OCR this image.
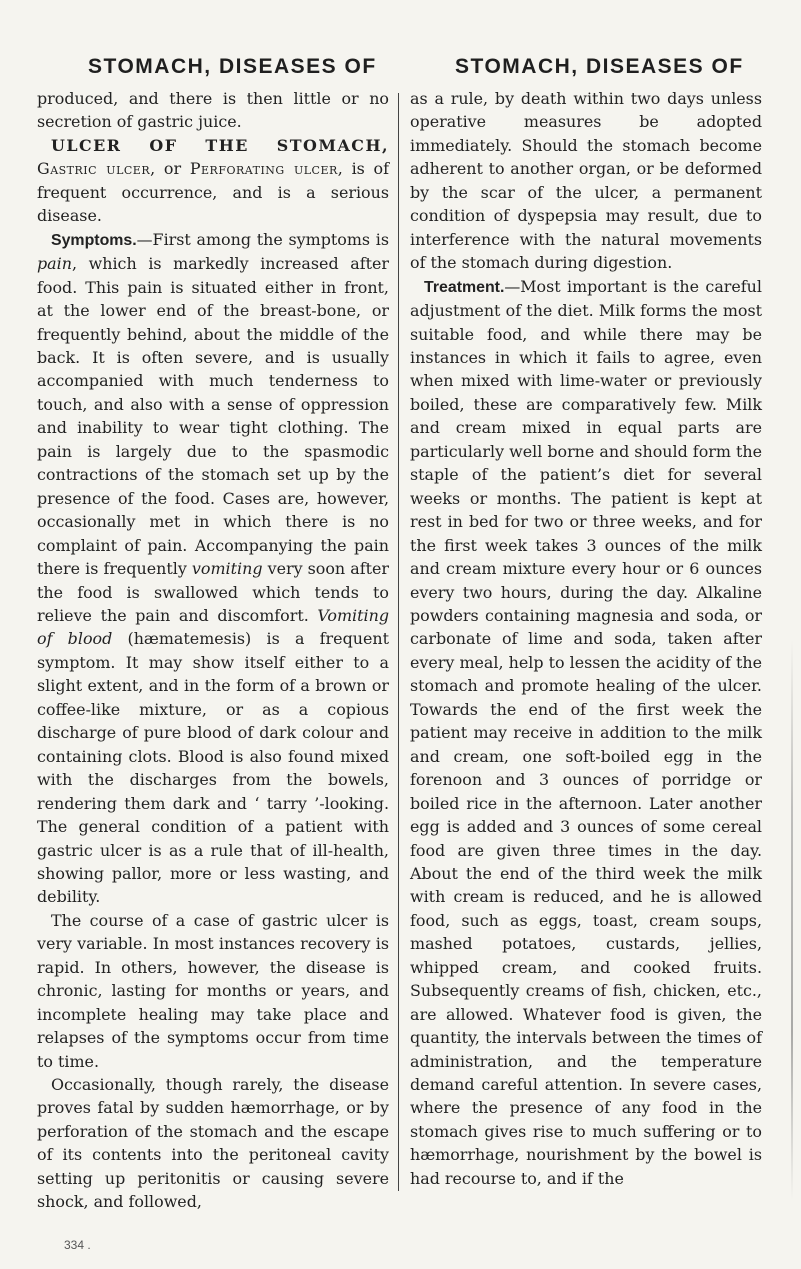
STOMACH, DISEASES OF	STOMACH, DISEASES OF

produced, and there is then little or no secretion of gastric juice.

ULCER OF THE STOMACH, Gastric ulcer, or Perforating ulcer, is of frequent occurrence, and is a serious disease.

Symptoms.—First among the symptoms is pain, which is markedly increased after food. This pain is situated either in front, at the lower end of the breast-bone, or frequently behind, about the middle of the back. It is often severe, and is usually accompanied with much tenderness to touch, and also with a sense of oppression and inability to wear tight clothing. The pain is largely due to the spasmodic contractions of the stomach set up by the presence of the food. Cases are, however, occasionally met in which there is no complaint of pain. Accompanying the pain there is frequently vomiting very soon after the food is swallowed which tends to relieve the pain and discomfort. Vomiting of blood (hæmatemesis) is a frequent symptom. It may show itself either to a slight extent, and in the form of a brown or coffee-like mixture, or as a copious discharge of pure blood of dark colour and containing clots. Blood is also found mixed with the discharges from the bowels, rendering them dark and ‘ tarry ’-looking. The general condition of a patient with gastric ulcer is as a rule that of ill-health, showing pallor, more or less wasting, and debility.

The course of a case of gastric ulcer is very variable. In most instances recovery is rapid. In others, however, the disease is chronic, lasting for months or years, and incomplete healing may take place and relapses of the symptoms occur from time to time.

Occasionally, though rarely, the disease proves fatal by sudden hæmorrhage, or by perforation of the stomach and the escape of its contents into the peritoneal cavity setting up peritonitis or causing severe shock, and followed,

as a rule, by death within two days unless operative measures be adopted immediately. Should the stomach become adherent to another organ, or be deformed by the scar of the ulcer, a permanent condition of dyspepsia may result, due to interference with the natural movements of the stomach during digestion.

Treatment.—Most important is the careful adjustment of the diet. Milk forms the most suitable food, and while there may be instances in which it fails to agree, even when mixed with lime-water or previously boiled, these are comparatively few. Milk and cream mixed in equal parts are particularly well borne and should form the staple of the patient’s diet for several weeks or months. The patient is kept at rest in bed for two or three weeks, and for the first week takes 3 ounces of the milk and cream mixture every hour or 6 ounces every two hours, during the day. Alkaline powders containing magnesia and soda, or carbonate of lime and soda, taken after every meal, help to lessen the acidity of the stomach and promote healing of the ulcer. Towards the end of the first week the patient may receive in addition to the milk and cream, one soft-boiled egg in the forenoon and 3 ounces of porridge or boiled rice in the afternoon. Later another egg is added and 3 ounces of some cereal food are given three times in the day. About the end of the third week the milk with cream is reduced, and he is allowed food, such as eggs, toast, cream soups, mashed potatoes, custards, jellies, whipped cream, and cooked fruits. Subsequently creams of fish, chicken, etc., are allowed. Whatever food is given, the quantity, the intervals between the times of administration, and the temperature demand careful attention. In severe cases, where the presence of any food in the stomach gives rise to much suffering or to hæmorrhage, nourishment by the bowel is had recourse to, and if the

334 .
